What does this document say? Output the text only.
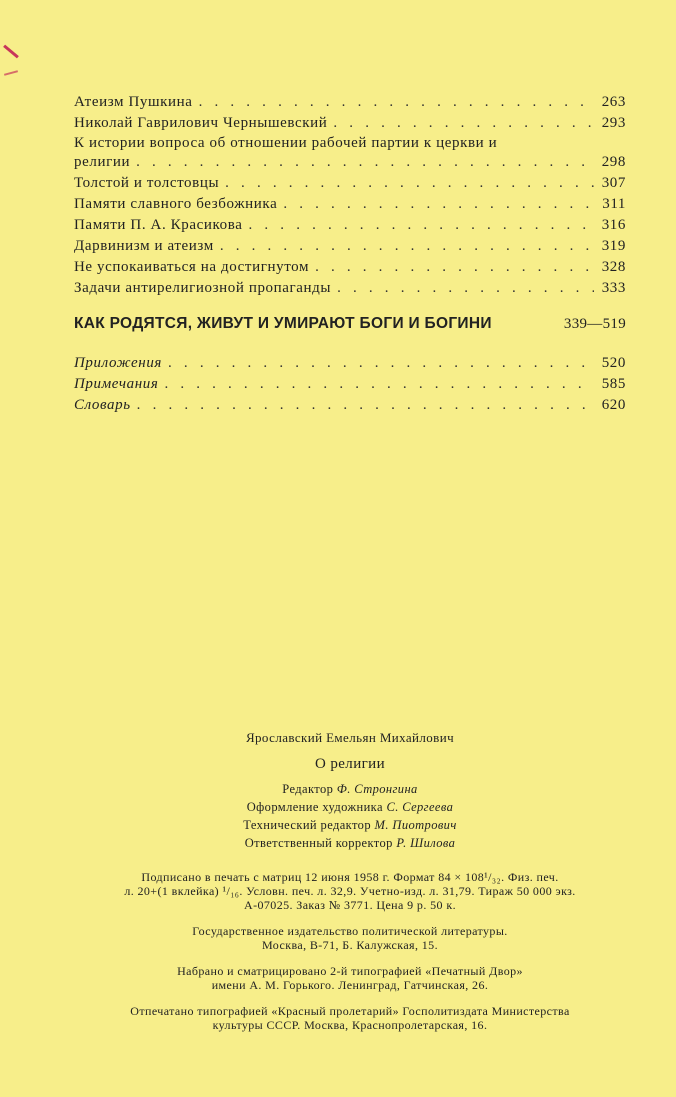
Атеизм Пушкина . . .	263
Николай Гаврилович Чернышевский . . .	293
К истории вопроса об отношении рабочей партии к церкви и
религии . . .	298
Толстой и толстовцы . . .	307
Памяти славного безбожника . . .	311
Памяти П. А. Красикова . . .	316
Дарвинизм и атеизм . . .	319
Не успокаиваться на достигнутом . . .	328
Задачи антирелигиозной пропаганды . . .	333
КАК РОДЯТСЯ, ЖИВУТ И УМИРАЮТ БОГИ И БОГИНИ	339—519
Приложения . . .	520
Примечания . . .	585
Словарь . . .	620
Ярославский Емельян Михайлович
О религии
Редактор Ф. Стронгина
Оформление художника С. Сергеева
Технический редактор М. Пиотрович
Ответственный корректор Р. Шилова
Подписано в печать с матриц 12 июня 1958 г. Формат 84 × 108¹/₃₂. Физ. печ.
л. 20+(1 вклейка) ¹/₁₆. Условн. печ. л. 32,9. Учетно-изд. л. 31,79. Тираж 50 000 экз.
А-07025. Заказ № 3771. Цена 9 р. 50 к.
Государственное издательство политической литературы.
Москва, В-71, Б. Калужская, 15.
Набрано и сматрицировано 2-й типографией «Печатный Двор»
имени А. М. Горького. Ленинград, Гатчинская, 26.
Отпечатано типографией «Красный пролетарий» Госполитиздата Министерства
культуры СССР. Москва, Краснопролетарская, 16.
